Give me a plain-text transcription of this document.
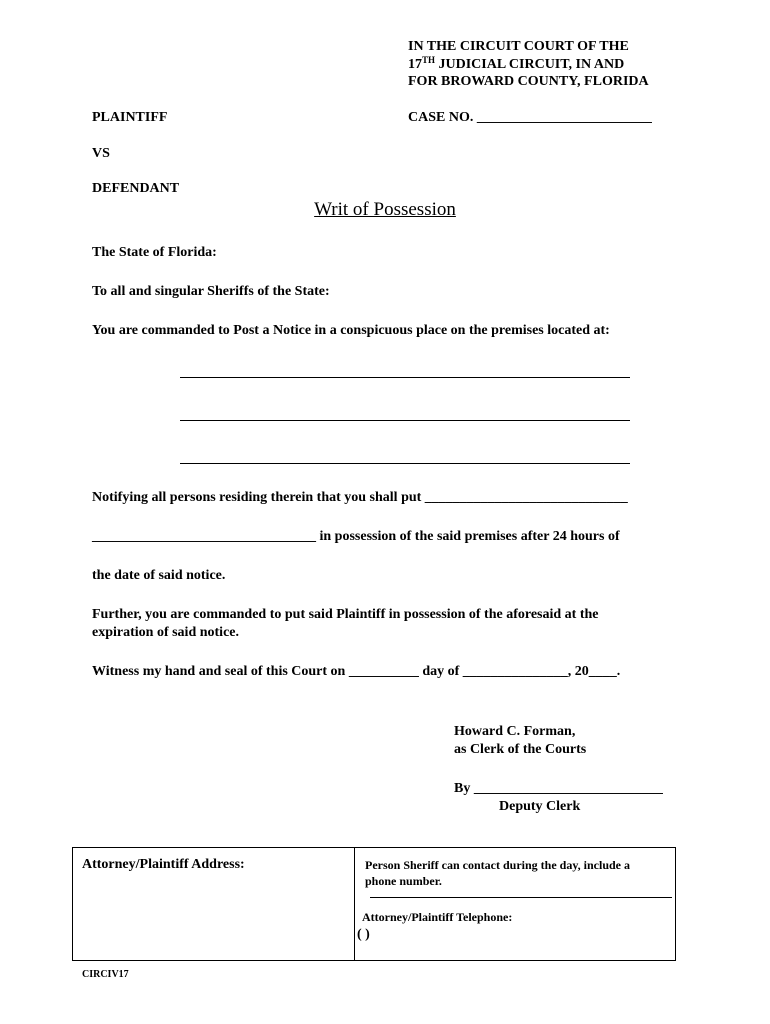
IN THE CIRCUIT COURT OF THE
17TH JUDICIAL CIRCUIT, IN AND
FOR BROWARD COUNTY, FLORIDA
PLAINTIFF	CASE NO. _________________________
VS
DEFENDANT
Writ of Possession
The State of Florida:
To all and singular Sheriffs of the State:
You are commanded to Post a Notice in a conspicuous place on the premises located at:
Notifying all persons residing therein that you shall put _____________________________
________________________________ in possession of the said premises after 24 hours of
the date of said notice.
Further, you are commanded to put said Plaintiff in possession of the aforesaid at the
expiration of said notice.
Witness my hand and seal of this Court on __________ day of _______________, 20____.
Howard C. Forman,
as Clerk of the Courts
By ___________________________
Deputy Clerk
Attorney/Plaintiff Address:	Person Sheriff can contact during the day, include a
phone number.
Attorney/Plaintiff Telephone:
( )
CIRCIV17
